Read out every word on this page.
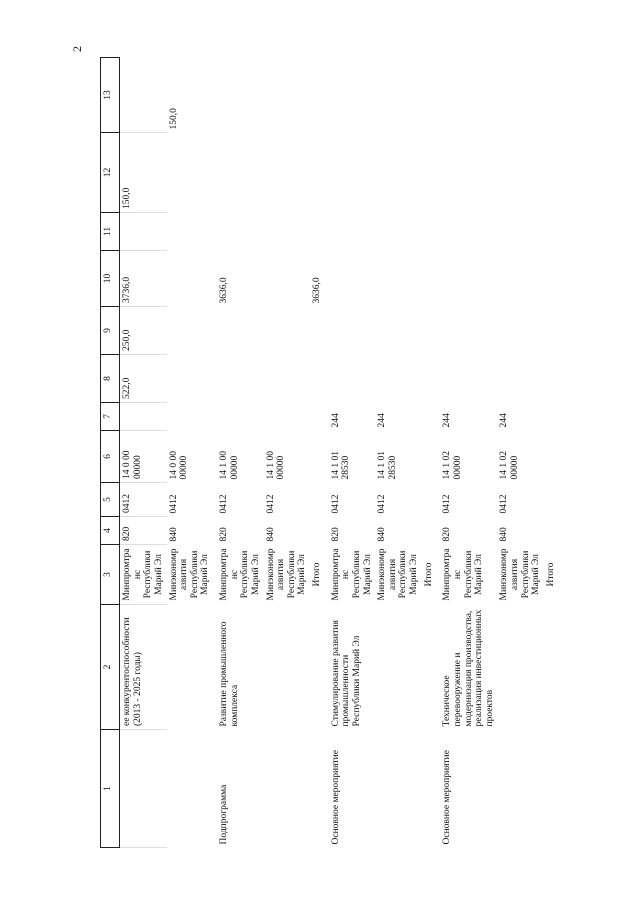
2
1	2	3	4	5	6	7	8	9	10	11	12	13
	ее конкурентоспособности (2013 - 2025 годы)	Минпромтранс Республики Марий Эл	820	0412	14 0 00 00000		522,0	250,0	3736,0		150,0	
		Минэкономразвития Республики Марий Эл	840	0412	14 0 00 00000							150,0
Подпрограмма	Развитие промышленного комплекса	Минпромтранс Республики Марий Эл	820	0412	14 1 00 00000				3636,0			
		Минэкономразвития Республики Марий Эл	840	0412	14 1 00 00000							
		Итого							3636,0			
Основное мероприятие	Стимулирование развития промышленности Республики Марий Эл	Минпромтранс Республики Марий Эл	820	0412	14 1 01 28530	244						
		Минэкономразвития Республики Марий Эл	840	0412	14 1 01 28530	244						
		Итого										
Основное мероприятие	Техническое перевооружение и модернизация производства, реализация инвестиционных проектов	Минпромтранс Республики Марий Эл	820	0412	14 1 02 00000	244						
		Минэкономразвития Республики Марий Эл	840	0412	14 1 02 00000	244						
		Итого										
